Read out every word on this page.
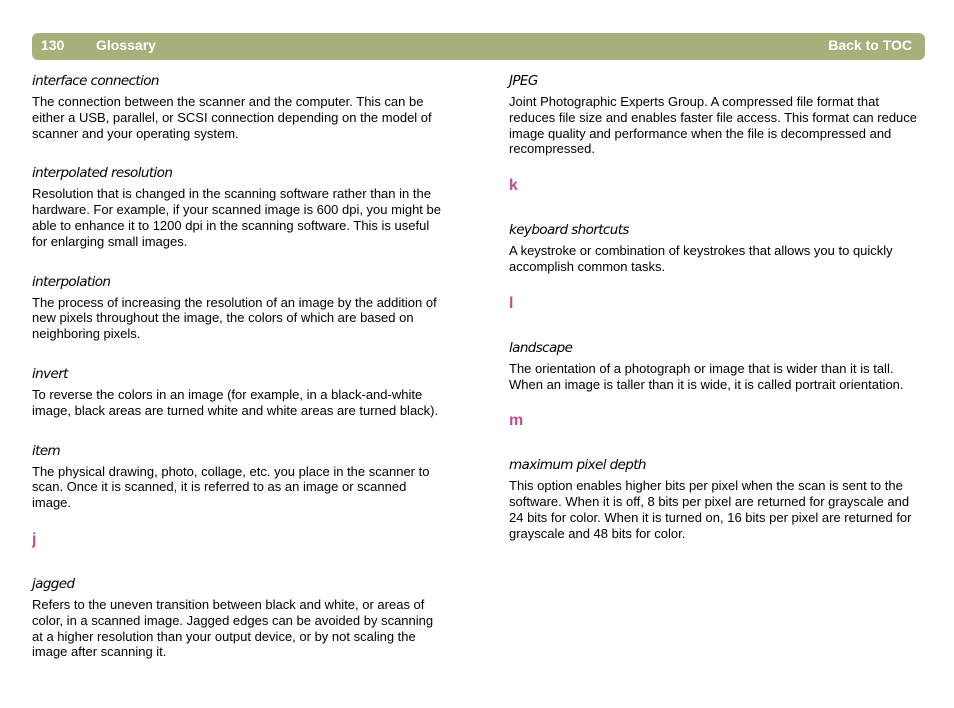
130 Glossary	Back to TOC

interface connection

The connection between the scanner and the computer. This can be either a USB, parallel, or SCSI connection depending on the model of scanner and your operating system.

interpolated resolution

Resolution that is changed in the scanning software rather than in the hardware. For example, if your scanned image is 600 dpi, you might be able to enhance it to 1200 dpi in the scanning software. This is useful for enlarging small images.

interpolation

The process of increasing the resolution of an image by the addition of new pixels throughout the image, the colors of which are based on neighboring pixels.

invert

To reverse the colors in an image (for example, in a black-and-white image, black areas are turned white and white areas are turned black).

item

The physical drawing, photo, collage, etc. you place in the scanner to scan. Once it is scanned, it is referred to as an image or scanned image.

j

jagged

Refers to the uneven transition between black and white, or areas of color, in a scanned image. Jagged edges can be avoided by scanning at a higher resolution than your output device, or by not scaling the image after scanning it.

JPEG

Joint Photographic Experts Group. A compressed file format that reduces file size and enables faster file access. This format can reduce image quality and performance when the file is decompressed and recompressed.

k

keyboard shortcuts

A keystroke or combination of keystrokes that allows you to quickly accomplish common tasks.

l

landscape

The orientation of a photograph or image that is wider than it is tall. When an image is taller than it is wide, it is called portrait orientation.

m

maximum pixel depth

This option enables higher bits per pixel when the scan is sent to the software. When it is off, 8 bits per pixel are returned for grayscale and 24 bits for color. When it is turned on, 16 bits per pixel are returned for grayscale and 48 bits for color.
